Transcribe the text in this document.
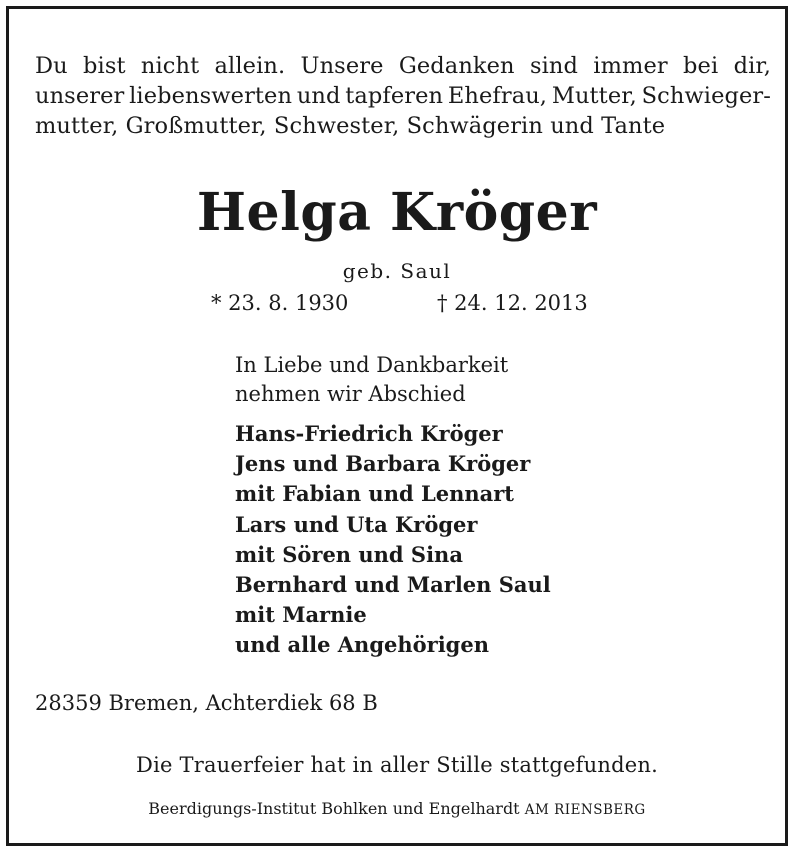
Du bist nicht allein. Unsere Gedanken sind immer bei dir,
unserer liebenswerten und tapferen Ehefrau, Mutter, Schwieger-
mutter, Großmutter, Schwester, Schwägerin und Tante
Helga Kröger
geb. Saul
* 23. 8. 1930	† 24. 12. 2013
In Liebe und Dankbarkeit
nehmen wir Abschied
Hans-Friedrich Kröger
Jens und Barbara Kröger
mit Fabian und Lennart
Lars und Uta Kröger
mit Sören und Sina
Bernhard und Marlen Saul
mit Marnie
und alle Angehörigen
28359 Bremen, Achterdiek 68 B
Die Trauerfeier hat in aller Stille stattgefunden.
Beerdigungs-Institut Bohlken und Engelhardt AM RIENSBERG
